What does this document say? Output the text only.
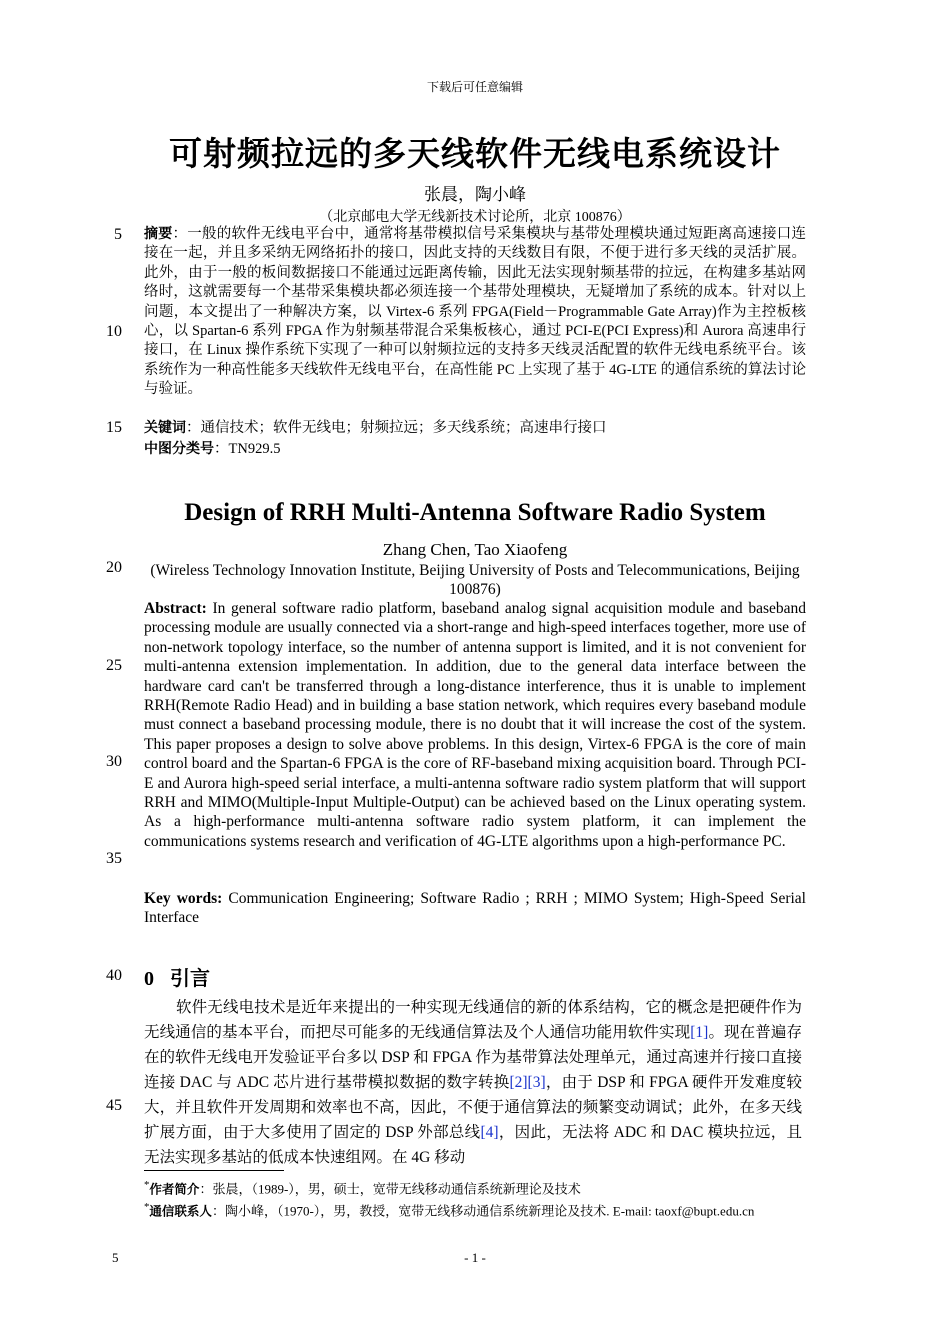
下载后可任意编辑
可射频拉远的多天线软件无线电系统设计
张晨，陶小峰
（北京邮电大学无线新技术讨论所，北京 100876）
5
10
15
20
25
30
35
40
45
摘要：一般的软件无线电平台中，通常将基带模拟信号采集模块与基带处理模块通过短距离高速接口连接在一起，并且多采纳无网络拓扑的接口，因此支持的天线数目有限，不便于进行多天线的灵活扩展。此外，由于一般的板间数据接口不能通过远距离传输，因此无法实现射频基带的拉远，在构建多基站网络时，这就需要每一个基带采集模块都必须连接一个基带处理模块，无疑增加了系统的成本。针对以上问题，本文提出了一种解决方案，以 Virtex-6 系列 FPGA(Field－Programmable Gate Array)作为主控板核心，以 Spartan-6 系列 FPGA 作为射频基带混合采集板核心，通过 PCI-E(PCI Express)和 Aurora 高速串行接口，在 Linux 操作系统下实现了一种可以射频拉远的支持多天线灵活配置的软件无线电系统平台。该系统作为一种高性能多天线软件无线电平台，在高性能 PC 上实现了基于 4G-LTE 的通信系统的算法讨论与验证。
关键词：通信技术；软件无线电；射频拉远；多天线系统；高速串行接口
中图分类号：TN929.5
Design of RRH Multi-Antenna Software Radio System
Zhang Chen, Tao Xiaofeng
(Wireless Technology Innovation Institute, Beijing University of Posts and Telecommunications, Beijing 100876)
Abstract: In general software radio platform, baseband analog signal acquisition module and baseband processing module are usually connected via a short-range and high-speed interfaces together, more use of non-network topology interface, so the number of antenna support is limited, and it is not convenient for multi-antenna extension implementation. In addition, due to the general data interface between the hardware card can't be transferred through a long-distance interference, thus it is unable to implement RRH(Remote Radio Head) and in building a base station network, which requires every baseband module must connect a baseband processing module, there is no doubt that it will increase the cost of the system. This paper proposes a design to solve above problems. In this design, Virtex-6 FPGA is the core of main control board and the Spartan-6 FPGA is the core of RF-baseband mixing acquisition board. Through PCI-E and Aurora high-speed serial interface, a multi-antenna software radio system platform that will support RRH and MIMO(Multiple-Input Multiple-Output) can be achieved based on the Linux operating system. As a high-performance multi-antenna software radio system platform, it can implement the communications systems research and verification of 4G-LTE algorithms upon a high-performance PC.
Key words: Communication Engineering; Software Radio ; RRH ; MIMO System; High-Speed Serial Interface
0 引言

软件无线电技术是近年来提出的一种实现无线通信的新的体系结构，它的概念是把硬件作为无线通信的基本平台，而把尽可能多的无线通信算法及个人通信功能用软件实现[1]。现在普遍存在的软件无线电开发验证平台多以 DSP 和 FPGA 作为基带算法处理单元，通过高速并行接口直接连接 DAC 与 ADC 芯片进行基带模拟数据的数字转换[2][3]，由于 DSP 和 FPGA 硬件开发难度较大，并且软件开发周期和效率也不高，因此，不便于通信算法的频繁变动调试；此外，在多天线扩展方面，由于大多使用了固定的 DSP 外部总线[4]，因此，无法将 ADC 和 DAC 模块拉远，且无法实现多基站的低成本快速组网。在 4G 移动

*作者简介：张晨，（1989-），男，硕士，宽带无线移动通信系统新理论及技术
*通信联系人：陶小峰，（1970-），男，教授，宽带无线移动通信系统新理论及技术. E-mail: taoxf@bupt.edu.cn
5	- 1 -
